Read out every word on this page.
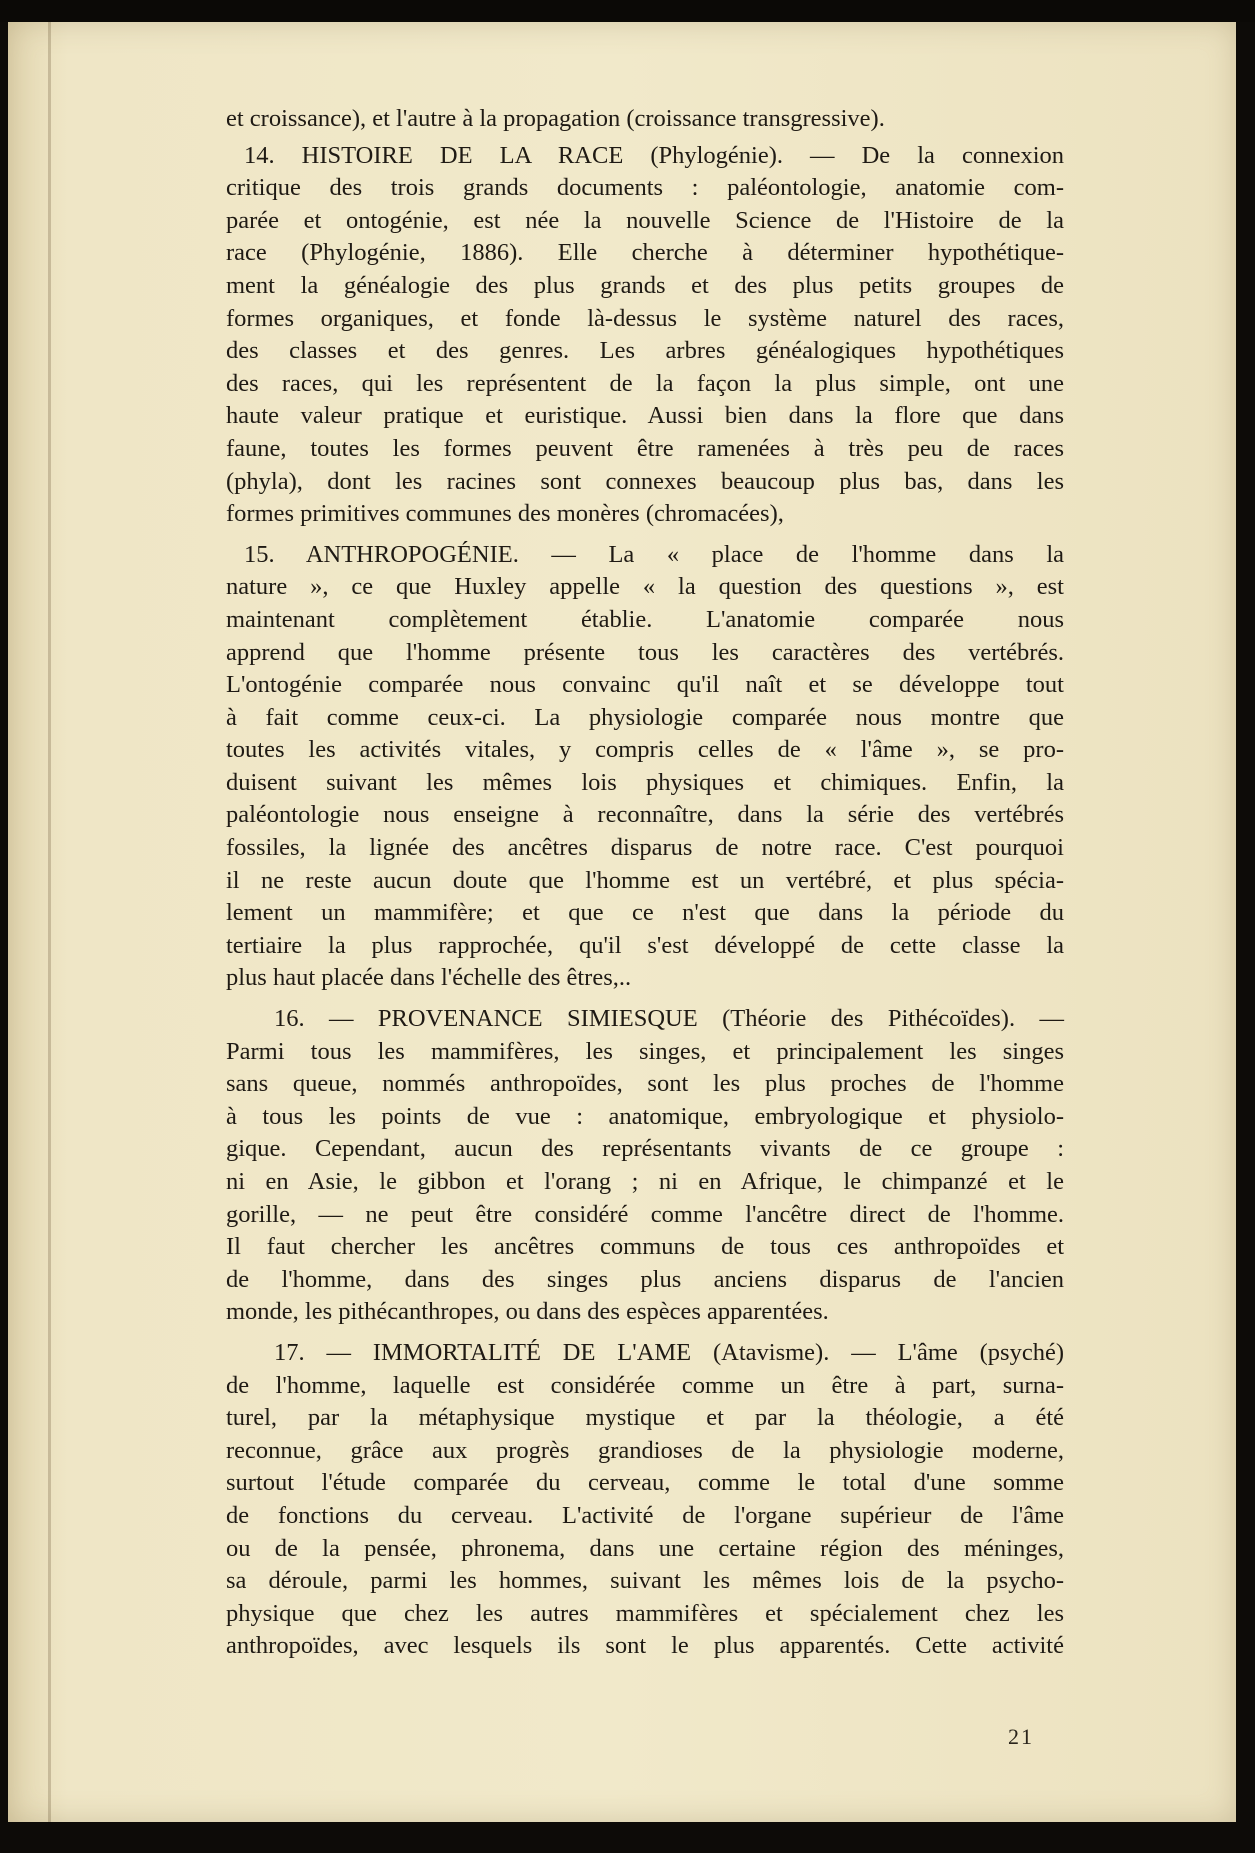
et croissance), et l'autre à la propagation (croissance transgressive).
14. HISTOIRE DE LA RACE (Phylogénie). — De la connexion
critique des trois grands documents : paléontologie, anatomie com-
parée et ontogénie, est née la nouvelle Science de l'Histoire de la
race (Phylogénie, 1886). Elle cherche à déterminer hypothétique-
ment la généalogie des plus grands et des plus petits groupes de
formes organiques, et fonde là-dessus le système naturel des races,
des classes et des genres. Les arbres généalogiques hypothétiques
des races, qui les représentent de la façon la plus simple, ont une
haute valeur pratique et euristique. Aussi bien dans la flore que dans
faune, toutes les formes peuvent être ramenées à très peu de races
(phyla), dont les racines sont connexes beaucoup plus bas, dans les
formes primitives communes des monères (chromacées),
15. ANTHROPOGÉNIE. — La « place de l'homme dans la
nature », ce que Huxley appelle « la question des questions », est
maintenant complètement établie. L'anatomie comparée nous
apprend que l'homme présente tous les caractères des vertébrés.
L'ontogénie comparée nous convainc qu'il naît et se développe tout
à fait comme ceux-ci. La physiologie comparée nous montre que
toutes les activités vitales, y compris celles de « l'âme », se pro-
duisent suivant les mêmes lois physiques et chimiques. Enfin, la
paléontologie nous enseigne à reconnaître, dans la série des vertébrés
fossiles, la lignée des ancêtres disparus de notre race. C'est pourquoi
il ne reste aucun doute que l'homme est un vertébré, et plus spécia-
lement un mammifère; et que ce n'est que dans la période du
tertiaire la plus rapprochée, qu'il s'est développé de cette classe la
plus haut placée dans l'échelle des êtres,..
16. — PROVENANCE SIMIESQUE (Théorie des Pithécoïdes). —
Parmi tous les mammifères, les singes, et principalement les singes
sans queue, nommés anthropoïdes, sont les plus proches de l'homme
à tous les points de vue : anatomique, embryologique et physiolo-
gique. Cependant, aucun des représentants vivants de ce groupe :
ni en Asie, le gibbon et l'orang ; ni en Afrique, le chimpanzé et le
gorille, — ne peut être considéré comme l'ancêtre direct de l'homme.
Il faut chercher les ancêtres communs de tous ces anthropoïdes et
de l'homme, dans des singes plus anciens disparus de l'ancien
monde, les pithécanthropes, ou dans des espèces apparentées.
17. — IMMORTALITÉ DE L'AME (Atavisme). — L'âme (psyché)
de l'homme, laquelle est considérée comme un être à part, surna-
turel, par la métaphysique mystique et par la théologie, a été
reconnue, grâce aux progrès grandioses de la physiologie moderne,
surtout l'étude comparée du cerveau, comme le total d'une somme
de fonctions du cerveau. L'activité de l'organe supérieur de l'âme
ou de la pensée, phronema, dans une certaine région des méninges,
sa déroule, parmi les hommes, suivant les mêmes lois de la psycho-
physique que chez les autres mammifères et spécialement chez les
anthropoïdes, avec lesquels ils sont le plus apparentés. Cette activité
21
